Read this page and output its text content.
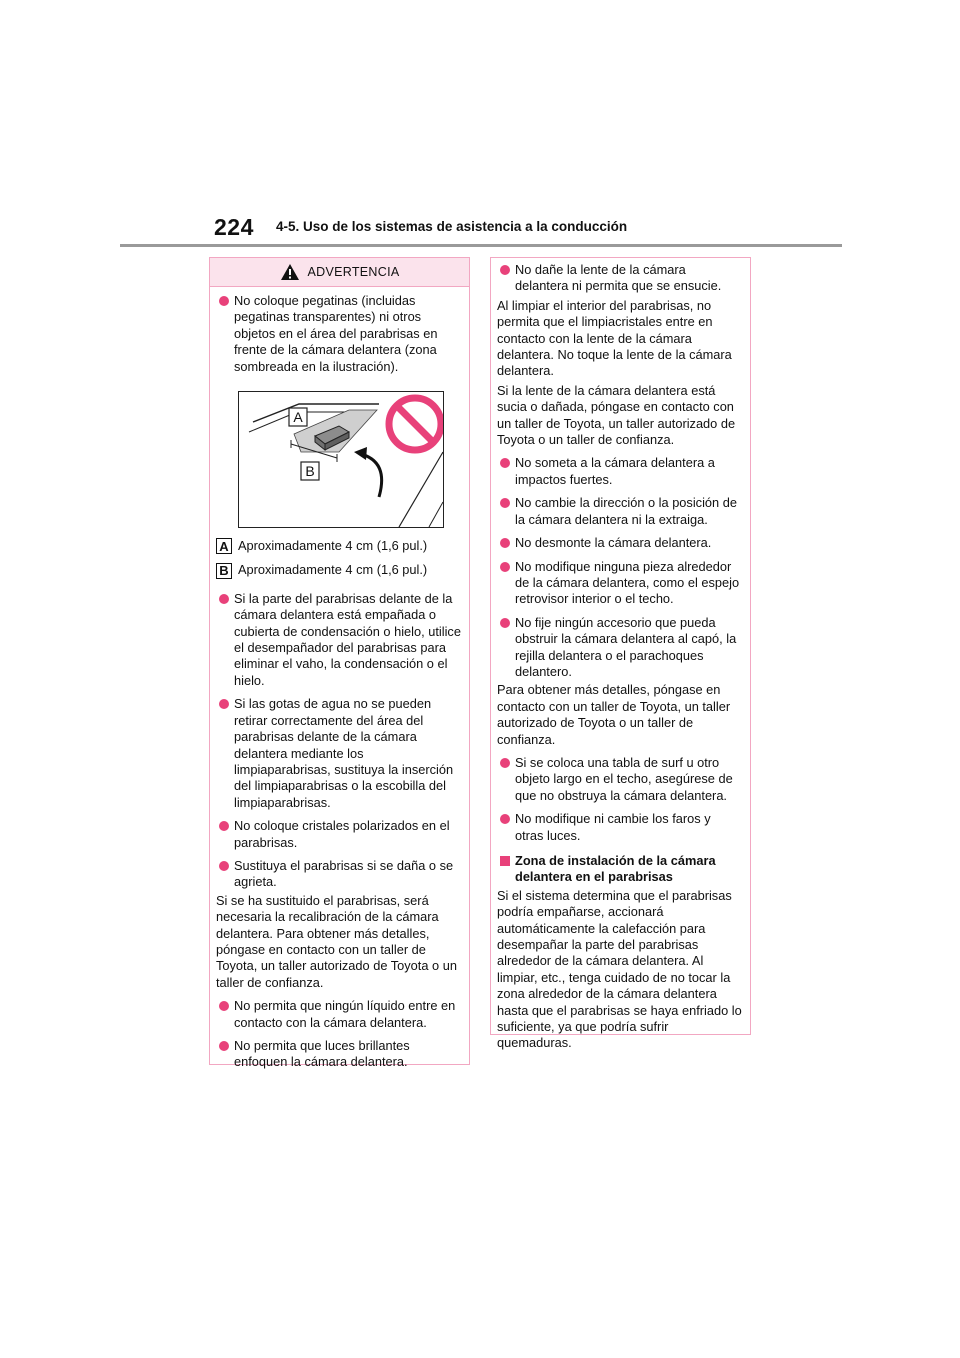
224 4-5. Uso de los sistemas de asistencia a la conducción
ADVERTENCIA
No coloque pegatinas (incluidas pegatinas transparentes) ni otros objetos en el área del parabrisas en frente de la cámara delantera (zona sombreada en la ilustración).
A
B
A Aproximadamente 4 cm (1,6 pul.)
B Aproximadamente 4 cm (1,6 pul.)
Si la parte del parabrisas delante de la cámara delantera está empañada o cubierta de condensación o hielo, utilice el desempañador del parabrisas para eliminar el vaho, la condensación o el hielo.
Si las gotas de agua no se pueden retirar correctamente del área del parabrisas delante de la cámara delantera mediante los limpiaparabrisas, sustituya la inserción del limpiaparabrisas o la escobilla del limpiaparabrisas.
No coloque cristales polarizados en el parabrisas.
Sustituya el parabrisas si se daña o se agrieta.
Si se ha sustituido el parabrisas, será necesaria la recalibración de la cámara delantera. Para obtener más detalles, póngase en contacto con un taller de Toyota, un taller autorizado de Toyota o un taller de confianza.
No permita que ningún líquido entre en contacto con la cámara delantera.
No permita que luces brillantes enfoquen la cámara delantera.
No dañe la lente de la cámara delantera ni permita que se ensucie.
Al limpiar el interior del parabrisas, no permita que el limpiacristales entre en contacto con la lente de la cámara delantera. No toque la lente de la cámara delantera.
Si la lente de la cámara delantera está sucia o dañada, póngase en contacto con un taller de Toyota, un taller autorizado de Toyota o un taller de confianza.
No someta a la cámara delantera a impactos fuertes.
No cambie la dirección o la posición de la cámara delantera ni la extraiga.
No desmonte la cámara delantera.
No modifique ninguna pieza alrededor de la cámara delantera, como el espejo retrovisor interior o el techo.
No fije ningún accesorio que pueda obstruir la cámara delantera al capó, la rejilla delantera o el parachoques delantero.
Para obtener más detalles, póngase en contacto con un taller de Toyota, un taller autorizado de Toyota o un taller de confianza.
Si se coloca una tabla de surf u otro objeto largo en el techo, asegúrese de que no obstruya la cámara delantera.
No modifique ni cambie los faros y otras luces.
Zona de instalación de la cámara delantera en el parabrisas
Si el sistema determina que el parabrisas podría empañarse, accionará automáticamente la calefacción para desempañar la parte del parabrisas alrededor de la cámara delantera. Al limpiar, etc., tenga cuidado de no tocar la zona alrededor de la cámara delantera hasta que el parabrisas se haya enfriado lo suficiente, ya que podría sufrir quemaduras.
